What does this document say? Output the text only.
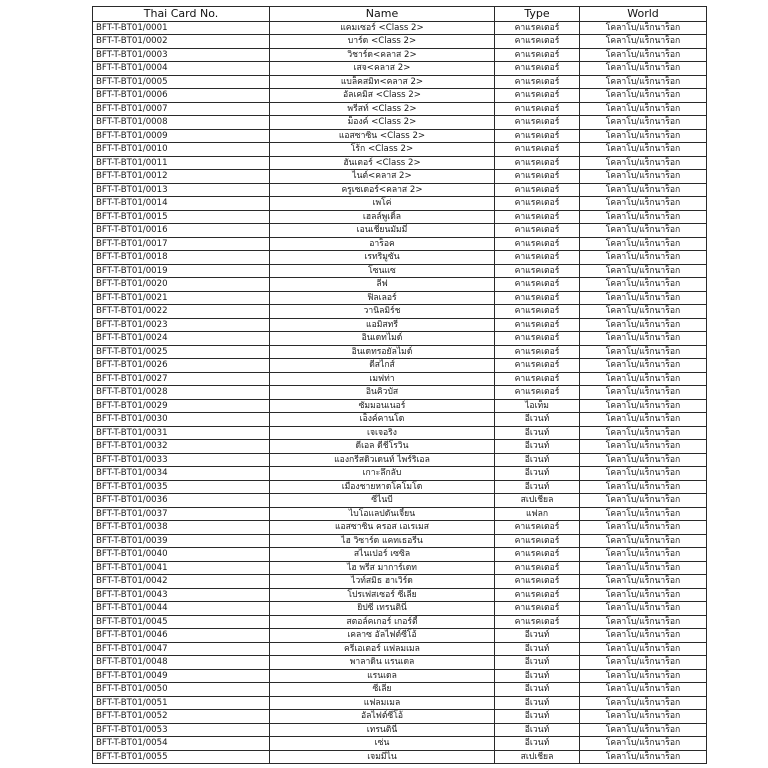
Thai Card No.	Name	Type	World
BFT-T-BT01/0001	แคมเซอร์ <Class 2>	คาแรคเตอร์	โคลาโบ/แร็กนาร็อก
BFT-T-BT01/0002	บาร์ด <Class 2>	คาแรคเตอร์	โคลาโบ/แร็กนาร็อก
BFT-T-BT01/0003	วิชาร์ด<คลาส 2>	คาแรคเตอร์	โคลาโบ/แร็กนาร็อก
BFT-T-BT01/0004	เสจ<คลาส 2>	คาแรคเตอร์	โคลาโบ/แร็กนาร็อก
BFT-T-BT01/0005	แบล็คสมิท<คลาส 2>	คาแรคเตอร์	โคลาโบ/แร็กนาร็อก
BFT-T-BT01/0006	อัลเคมิส <Class 2>	คาแรคเตอร์	โคลาโบ/แร็กนาร็อก
BFT-T-BT01/0007	พรีสท์ <Class 2>	คาแรคเตอร์	โคลาโบ/แร็กนาร็อก
BFT-T-BT01/0008	ม็องค์ <Class 2>	คาแรคเตอร์	โคลาโบ/แร็กนาร็อก
BFT-T-BT01/0009	แอสซาซิน <Class 2>	คาแรคเตอร์	โคลาโบ/แร็กนาร็อก
BFT-T-BT01/0010	โร้ก <Class 2>	คาแรคเตอร์	โคลาโบ/แร็กนาร็อก
BFT-T-BT01/0011	ฮันเตอร์ <Class 2>	คาแรคเตอร์	โคลาโบ/แร็กนาร็อก
BFT-T-BT01/0012	ไนต์<คลาส 2>	คาแรคเตอร์	โคลาโบ/แร็กนาร็อก
BFT-T-BT01/0013	ครูเซเดอร์<คลาส 2>	คาแรคเตอร์	โคลาโบ/แร็กนาร็อก
BFT-T-BT01/0014	เพโค่	คาแรคเตอร์	โคลาโบ/แร็กนาร็อก
BFT-T-BT01/0015	เฮลล์พูเดิ้ล	คาแรคเตอร์	โคลาโบ/แร็กนาร็อก
BFT-T-BT01/0016	เอนเชี่ยนมัมมี่	คาแรคเตอร์	โคลาโบ/แร็กนาร็อก
BFT-T-BT01/0017	อาร็อค	คาแรคเตอร์	โคลาโบ/แร็กนาร็อก
BFT-T-BT01/0018	เรทริมูซัน	คาแรคเตอร์	โคลาโบ/แร็กนาร็อก
BFT-T-BT01/0019	โซนแซ	คาแรคเตอร์	โคลาโบ/แร็กนาร็อก
BFT-T-BT01/0020	ลีฟ	คาแรคเตอร์	โคลาโบ/แร็กนาร็อก
BFT-T-BT01/0021	ฟิลเลอร์	คาแรคเตอร์	โคลาโบ/แร็กนาร็อก
BFT-T-BT01/0022	วานิลมิร์ช	คาแรคเตอร์	โคลาโบ/แร็กนาร็อก
BFT-T-BT01/0023	แอมิสทรี	คาแรคเตอร์	โคลาโบ/แร็กนาร็อก
BFT-T-BT01/0024	อินเดทไมด์	คาแรคเตอร์	โคลาโบ/แร็กนาร็อก
BFT-T-BT01/0025	อินเดทรอยัลไมด์	คาแรคเตอร์	โคลาโบ/แร็กนาร็อก
BFT-T-BT01/0026	ดีสไกส์	คาแรคเตอร์	โคลาโบ/แร็กนาร็อก
BFT-T-BT01/0027	เมฟท่า	คาแรคเตอร์	โคลาโบ/แร็กนาร็อก
BFT-T-BT01/0028	อินคิวบัส	คาแรคเตอร์	โคลาโบ/แร็กนาร็อก
BFT-T-BT01/0029	ซัมมอนเนอร์	ไอเท็ม	โคลาโบ/แร็กนาร็อก
BFT-T-BT01/0030	เอ็งค์คานโด	อีเวนท์	โคลาโบ/แร็กนาร็อก
BFT-T-BT01/0031	เจเจอริง	อีเวนท์	โคลาโบ/แร็กนาร็อก
BFT-T-BT01/0032	ดีเอล ดีชีโรวิน	อีเวนท์	โคลาโบ/แร็กนาร็อก
BFT-T-BT01/0033	แองกรีสดิวเดนท์ ไพร์ริเอล	อีเวนท์	โคลาโบ/แร็กนาร็อก
BFT-T-BT01/0034	เกาะลึกลับ	อีเวนท์	โคลาโบ/แร็กนาร็อก
BFT-T-BT01/0035	เมืองชายหาดโคโมโด	อีเวนท์	โคลาโบ/แร็กนาร็อก
BFT-T-BT01/0036	ซีไนบี	สเปเชียล	โคลาโบ/แร็กนาร็อก
BFT-T-BT01/0037	ไบโอแลปดันเจี้ยน	แฟลก	โคลาโบ/แร็กนาร็อก
BFT-T-BT01/0038	แอสซาซิน ครอส เอเรเมส	คาแรคเตอร์	โคลาโบ/แร็กนาร็อก
BFT-T-BT01/0039	ไฮ วิซาร์ด แคทเธอรีน	คาแรคเตอร์	โคลาโบ/แร็กนาร็อก
BFT-T-BT01/0040	สไนเปอร์ เซซิล	คาแรคเตอร์	โคลาโบ/แร็กนาร็อก
BFT-T-BT01/0041	ไฮ พรีส มาการ์เดท	คาแรคเตอร์	โคลาโบ/แร็กนาร็อก
BFT-T-BT01/0042	ไวท์สมิธ ฮาเวิร์ด	คาแรคเตอร์	โคลาโบ/แร็กนาร็อก
BFT-T-BT01/0043	โปรเฟสเซอร์ ซีเลีย	คาแรคเตอร์	โคลาโบ/แร็กนาร็อก
BFT-T-BT01/0044	ยิปซี เทรนตินี่	คาแรคเตอร์	โคลาโบ/แร็กนาร็อก
BFT-T-BT01/0045	สตอล์คเกอร์ เกอร์ตี้	คาแรคเตอร์	โคลาโบ/แร็กนาร็อก
BFT-T-BT01/0046	เคลาซ อัลไฟต์ซีโอ้	อีเวนท์	โคลาโบ/แร็กนาร็อก
BFT-T-BT01/0047	ครีเอเตอร์ แฟลมเมล	อีเวนท์	โคลาโบ/แร็กนาร็อก
BFT-T-BT01/0048	พาลาดิน แรนเดล	อีเวนท์	โคลาโบ/แร็กนาร็อก
BFT-T-BT01/0049	แรนเดล	อีเวนท์	โคลาโบ/แร็กนาร็อก
BFT-T-BT01/0050	ซีเลีย	อีเวนท์	โคลาโบ/แร็กนาร็อก
BFT-T-BT01/0051	แฟลมเมล	อีเวนท์	โคลาโบ/แร็กนาร็อก
BFT-T-BT01/0052	อัลไฟต์ซีโอ้	อีเวนท์	โคลาโบ/แร็กนาร็อก
BFT-T-BT01/0053	เทรนตินี่	อีเวนท์	โคลาโบ/แร็กนาร็อก
BFT-T-BT01/0054	เซ่น	อีเวนท์	โคลาโบ/แร็กนาร็อก
BFT-T-BT01/0055	เจมมีไน	สเปเชียล	โคลาโบ/แร็กนาร็อก
